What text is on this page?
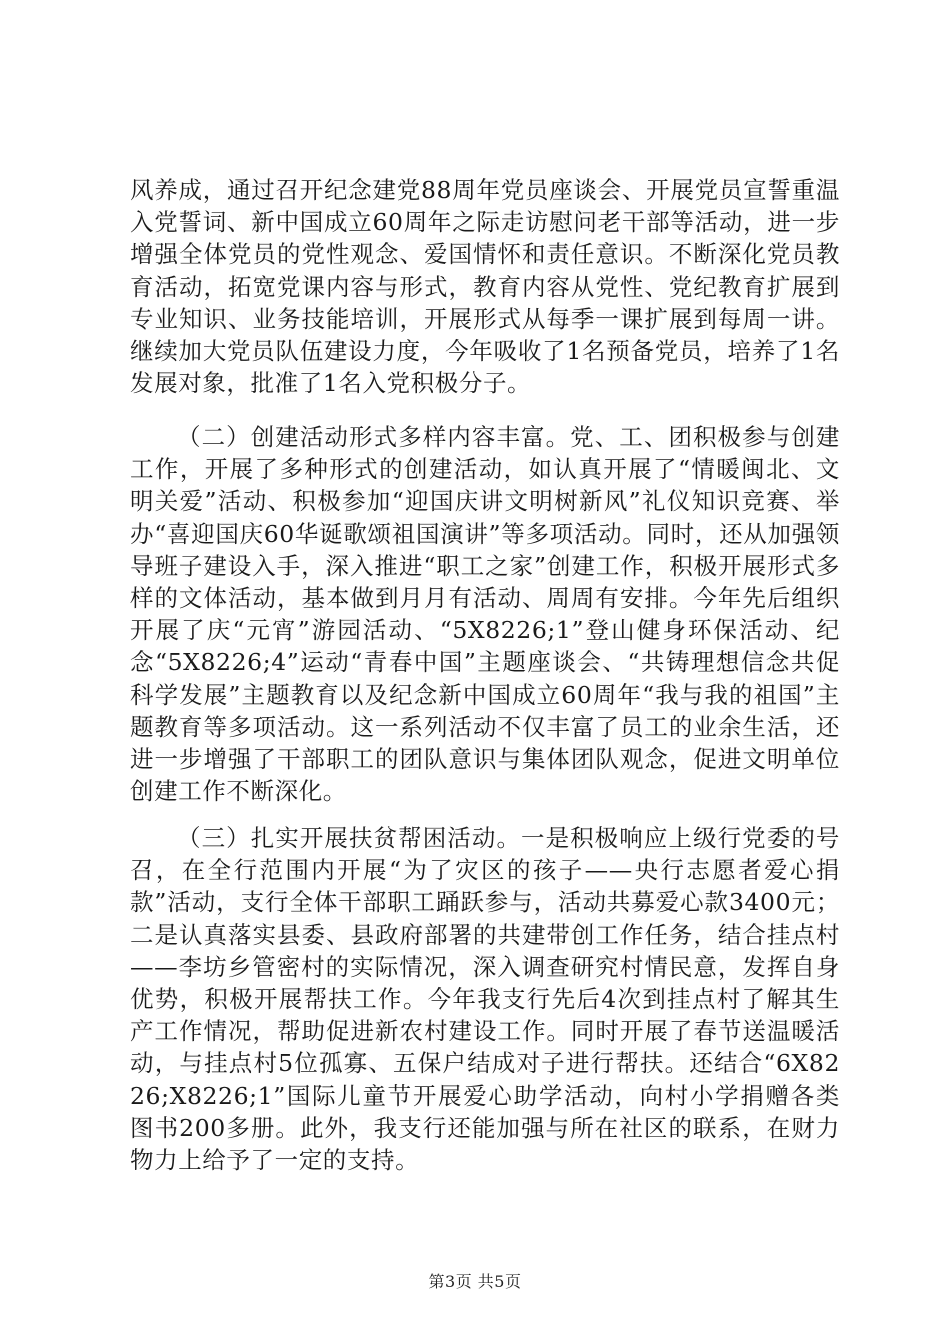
风养成，通过召开纪念建党88周年党员座谈会、开展党员宣誓重温入党誓词、新中国成立60周年之际走访慰问老干部等活动，进一步增强全体党员的党性观念、爱国情怀和责任意识。不断深化党员教育活动，拓宽党课内容与形式，教育内容从党性、党纪教育扩展到专业知识、业务技能培训，开展形式从每季一课扩展到每周一讲。继续加大党员队伍建设力度，今年吸收了1名预备党员，培养了1名发展对象，批准了1名入党积极分子。

（二）创建活动形式多样内容丰富。党、工、团积极参与创建工作，开展了多种形式的创建活动，如认真开展了“情暖闽北、文明关爱”活动、积极参加“迎国庆讲文明树新风”礼仪知识竞赛、举办“喜迎国庆60华诞歌颂祖国演讲”等多项活动。同时，还从加强领导班子建设入手，深入推进“职工之家”创建工作，积极开展形式多样的文体活动，基本做到月月有活动、周周有安排。今年先后组织开展了庆“元宵”游园活动、“5X8226;1”登山健身环保活动、纪念“5X8226;4”运动“青春中国”主题座谈会、“共铸理想信念共促科学发展”主题教育以及纪念新中国成立60周年“我与我的祖国”主题教育等多项活动。这一系列活动不仅丰富了员工的业余生活，还进一步增强了干部职工的团队意识与集体团队观念，促进文明单位创建工作不断深化。

（三）扎实开展扶贫帮困活动。一是积极响应上级行党委的号召，在全行范围内开展“为了灾区的孩子——央行志愿者爱心捐款”活动，支行全体干部职工踊跃参与，活动共募爱心款3400元；二是认真落实县委、县政府部署的共建带创工作任务，结合挂点村——李坊乡管密村的实际情况，深入调查研究村情民意，发挥自身优势，积极开展帮扶工作。今年我支行先后4次到挂点村了解其生产工作情况，帮助促进新农村建设工作。同时开展了春节送温暖活动，与挂点村5位孤寡、五保户结成对子进行帮扶。还结合“6X8226;X8226;1”国际儿童节开展爱心助学活动，向村小学捐赠各类图书200多册。此外，我支行还能加强与所在社区的联系，在财力物力上给予了一定的支持。

第3页 共5页
